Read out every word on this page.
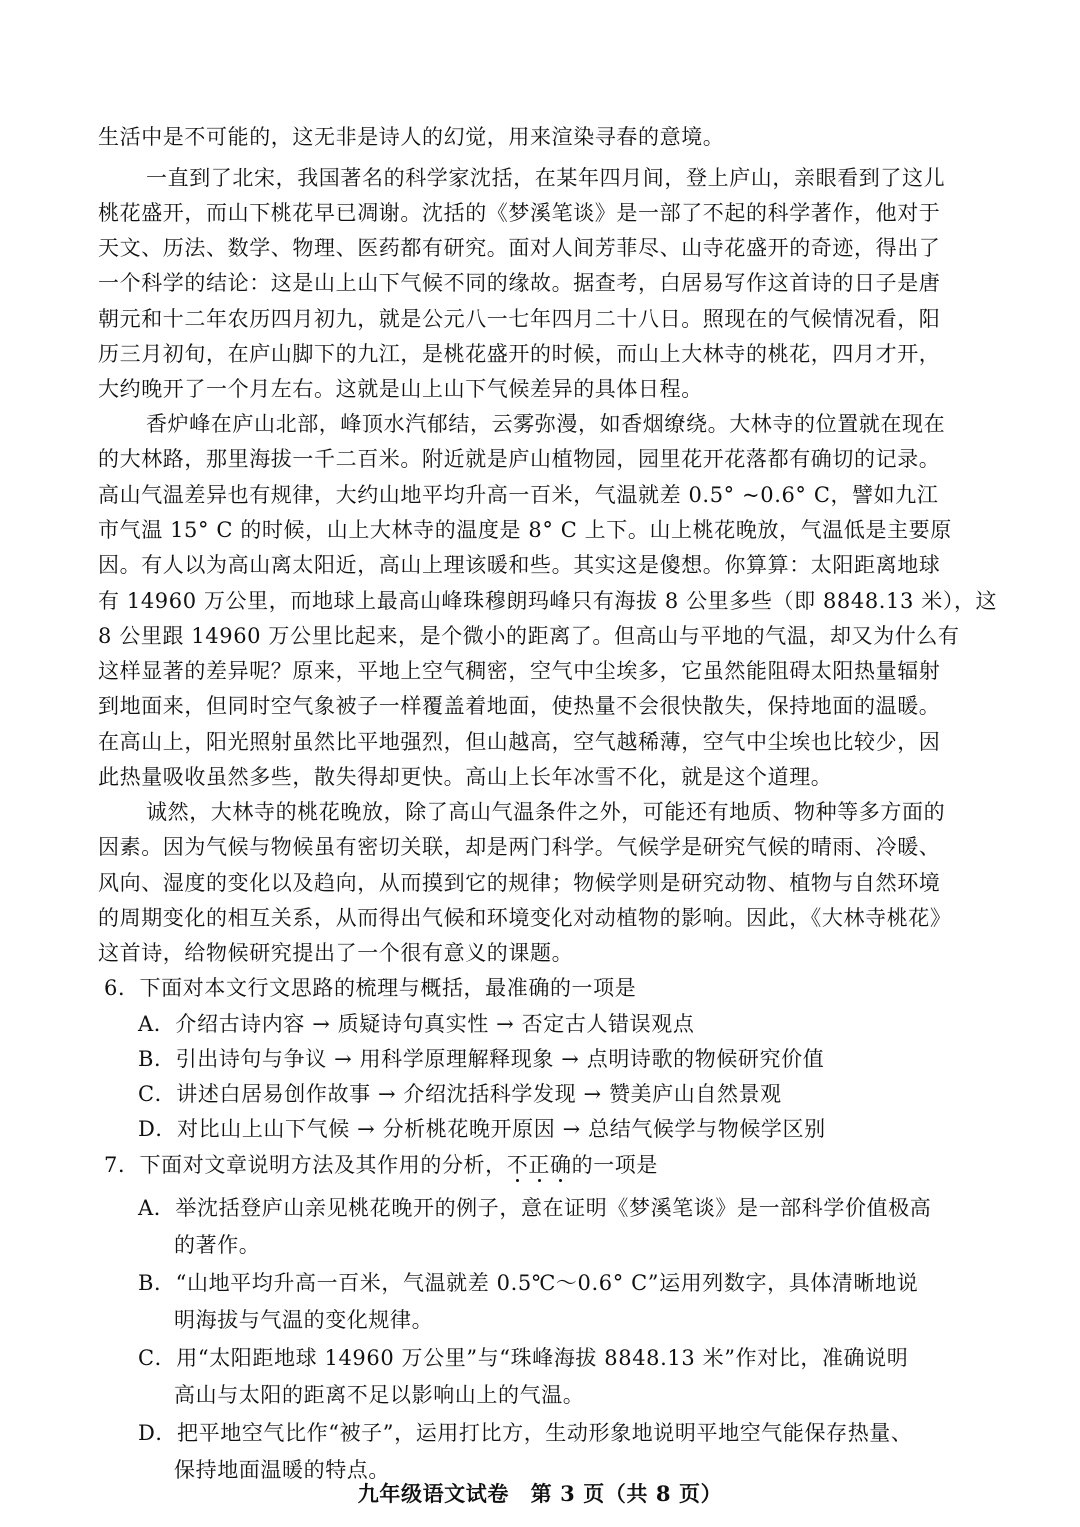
生活中是不可能的，这无非是诗人的幻觉，用来渲染寻春的意境。
一直到了北宋，我国著名的科学家沈括，在某年四月间，登上庐山，亲眼看到了这儿
桃花盛开，而山下桃花早已凋谢。沈括的《梦溪笔谈》是一部了不起的科学著作，他对于
天文、历法、数学、物理、医药都有研究。面对人间芳菲尽、山寺花盛开的奇迹，得出了
一个科学的结论：这是山上山下气候不同的缘故。据查考，白居易写作这首诗的日子是唐
朝元和十二年农历四月初九，就是公元八一七年四月二十八日。照现在的气候情况看，阳
历三月初旬，在庐山脚下的九江，是桃花盛开的时候，而山上大林寺的桃花，四月才开，
大约晚开了一个月左右。这就是山上山下气候差异的具体日程。
香炉峰在庐山北部，峰顶水汽郁结，云雾弥漫，如香烟缭绕。大林寺的位置就在现在
的大林路，那里海拔一千二百米。附近就是庐山植物园，园里花开花落都有确切的记录。
高山气温差异也有规律，大约山地平均升高一百米，气温就差 0.5° ~0.6° C，譬如九江
市气温 15° C 的时候，山上大林寺的温度是 8° C 上下。山上桃花晚放，气温低是主要原
因。有人以为高山离太阳近，高山上理该暖和些。其实这是傻想。你算算：太阳距离地球
有 14960 万公里，而地球上最高山峰珠穆朗玛峰只有海拔 8 公里多些（即 8848.13 米），这
8 公里跟 14960 万公里比起来，是个微小的距离了。但高山与平地的气温，却又为什么有
这样显著的差异呢？原来，平地上空气稠密，空气中尘埃多，它虽然能阻碍太阳热量辐射
到地面来，但同时空气象被子一样覆盖着地面，使热量不会很快散失，保持地面的温暖。
在高山上，阳光照射虽然比平地强烈，但山越高，空气越稀薄，空气中尘埃也比较少，因
此热量吸收虽然多些，散失得却更快。高山上长年冰雪不化，就是这个道理。
诚然，大林寺的桃花晚放，除了高山气温条件之外，可能还有地质、物种等多方面的
因素。因为气候与物候虽有密切关联，却是两门科学。气候学是研究气候的晴雨、冷暖、
风向、湿度的变化以及趋向，从而摸到它的规律；物候学则是研究动物、植物与自然环境
的周期变化的相互关系，从而得出气候和环境变化对动植物的影响。因此，《大林寺桃花》
这首诗，给物候研究提出了一个很有意义的课题。
6．下面对本文行文思路的梳理与概括，最准确的一项是
A．介绍古诗内容 → 质疑诗句真实性 → 否定古人错误观点
B．引出诗句与争议 → 用科学原理解释现象 → 点明诗歌的物候研究价值
C．讲述白居易创作故事 → 介绍沈括科学发现 → 赞美庐山自然景观
D．对比山上山下气候 → 分析桃花晚开原因 → 总结气候学与物候学区别
7．下面对文章说明方法及其作用的分析，不正确的一项是
A．举沈括登庐山亲见桃花晚开的例子，意在证明《梦溪笔谈》是一部科学价值极高
的著作。
B．“山地平均升高一百米，气温就差 0.5℃～0.6° C”运用列数字，具体清晰地说
明海拔与气温的变化规律。
C．用“太阳距地球 14960 万公里”与“珠峰海拔 8848.13 米”作对比，准确说明
高山与太阳的距离不足以影响山上的气温。
D．把平地空气比作“被子”，运用打比方，生动形象地说明平地空气能保存热量、
保持地面温暖的特点。
九年级语文试卷　第 3 页（共 8 页）
